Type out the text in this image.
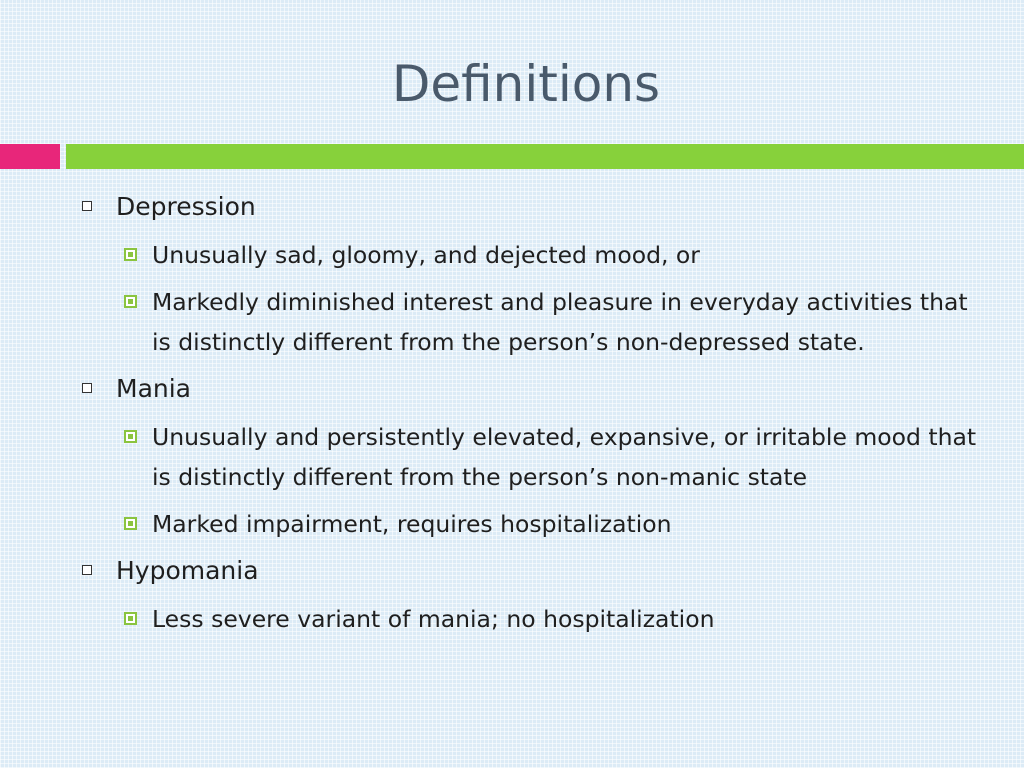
Definitions
Depression
Unusually sad, gloomy, and dejected mood, or
Markedly diminished interest and pleasure in everyday activities that is distinctly different from the person’s non-depressed state.
Mania
Unusually and persistently elevated, expansive, or irritable mood that is distinctly different from the person’s non-manic state
Marked impairment, requires hospitalization
Hypomania
Less severe variant of mania; no hospitalization
